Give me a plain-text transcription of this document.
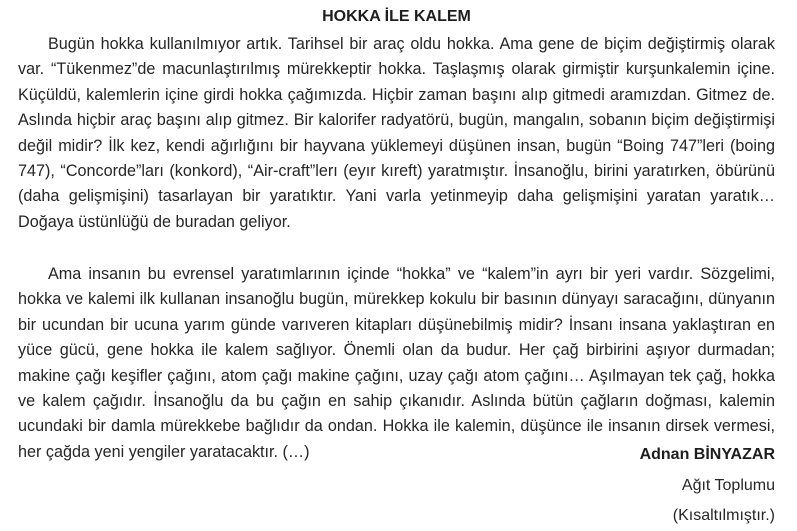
HOKKA İLE KALEM

Bugün hokka kullanılmıyor artık. Tarihsel bir araç oldu hokka. Ama gene de biçim değiştirmiş olarak var. “Tükenmez”de macunlaştırılmış mürekkeptir hokka. Taşlaşmış olarak girmiştir kurşunkalemin içine. Küçüldü, kalemlerin içine girdi hokka çağımızda. Hiçbir zaman başını alıp gitmedi aramızdan. Gitmez de. Aslında hiçbir araç başını alıp gitmez. Bir kalorifer radyatörü, bugün, mangalın, sobanın biçim değiştirmişi değil midir? İlk kez, kendi ağırlığını bir hayvana yüklemeyi düşünen insan, bugün “Boing 747”leri (boing 747), “Concorde”ları (konkord), “Air-craft”lerı (eyır kıreft) yaratmıştır. İnsanoğlu, birini yaratırken, öbürünü (daha gelişmişini) tasarlayan bir yaratıktır. Yani varla yetinmeyip daha gelişmişini yaratan yaratık… Doğaya üstünlüğü de buradan geliyor.

Ama insanın bu evrensel yaratımlarının içinde “hokka” ve “kalem”in ayrı bir yeri vardır. Sözgelimi, hokka ve kalemi ilk kullanan insanoğlu bugün, mürekkep kokulu bir basının dünyayı saracağını, dünyanın bir ucundan bir ucuna yarım günde varıveren kitapları düşünebilmiş midir? İnsanı insana yaklaştıran en yüce gücü, gene hokka ile kalem sağlıyor. Önemli olan da budur. Her çağ birbirini aşıyor durmadan; makine çağı keşifler çağını, atom çağı makine çağını, uzay çağı atom çağını… Aşılmayan tek çağ, hokka ve kalem çağıdır. İnsanoğlu da bu çağın en sahip çıkanıdır. Aslında bütün çağların doğması, kalemin ucundaki bir damla mürekkebe bağlıdır da ondan. Hokka ile kalemin, düşünce ile insanın dirsek vermesi, her çağda yeni yengiler yaratacaktır. (…)	Adnan BİNYAZAR
Ağıt Toplumu
(Kısaltılmıştır.)
